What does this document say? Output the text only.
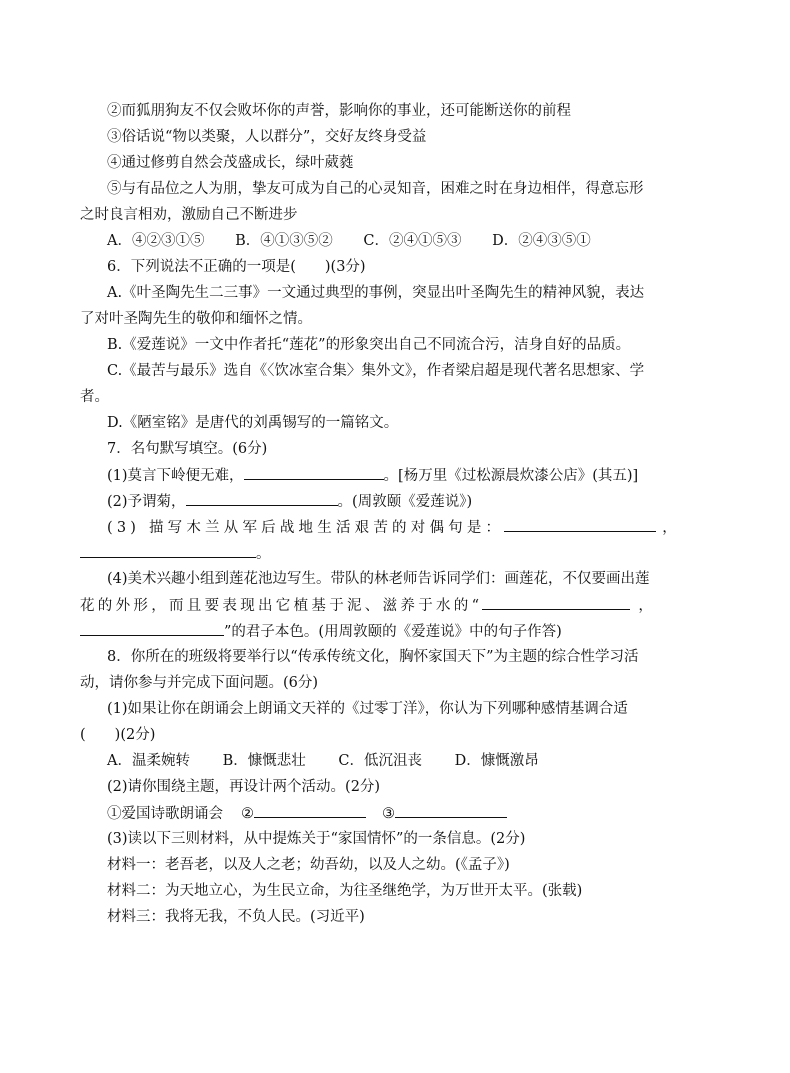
②而狐朋狗友不仅会败坏你的声誉，影响你的事业，还可能断送你的前程
③俗话说“物以类聚，人以群分”，交好友终身受益
④通过修剪自然会茂盛成长，绿叶葳蕤
⑤与有品位之人为朋，挚友可成为自己的心灵知音，困难之时在身边相伴，得意忘形
之时良言相劝，激励自己不断进步
A．④②③①⑤ B．④①③⑤② C．②④①⑤③ D．②④③⑤①
6．下列说法不正确的一项是(　　)(3分)
A.《叶圣陶先生二三事》一文通过典型的事例，突显出叶圣陶先生的精神风貌，表达
了对叶圣陶先生的敬仰和缅怀之情。
B.《爱莲说》一文中作者托“莲花”的形象突出自己不同流合污，洁身自好的品质。
C.《最苦与最乐》选自《〈饮冰室合集〉集外文》，作者梁启超是现代著名思想家、学
者。
D.《陋室铭》是唐代的刘禹锡写的一篇铭文。
7．名句默写填空。(6分)
(1)莫言下岭便无难，	。[杨万里《过松源晨炊漆公店》(其五)]
(2)予谓菊，	。(周敦颐《爱莲说》)
(3) 描写木兰从军后战地生活艰苦的对偶句是：	，
。
(4)美术兴趣小组到莲花池边写生。带队的林老师告诉同学们：画莲花，不仅要画出莲
花的外形，而且要表现出它植基于泥、滋养于水的“	，
”的君子本色。(用周敦颐的《爱莲说》中的句子作答)
8．你所在的班级将要举行以“传承传统文化，胸怀家国天下”为主题的综合性学习活
动，请你参与并完成下面问题。(6分)
(1)如果让你在朗诵会上朗诵文天祥的《过零丁洋》，你认为下列哪种感情基调合适
(　　)(2分)
A．温柔婉转 B．慷慨悲壮 C．低沉沮丧 D．慷慨激昂
(2)请你围绕主题，再设计两个活动。(2分)
①爱国诗歌朗诵会 ②	③
(3)读以下三则材料，从中提炼关于“家国情怀”的一条信息。(2分)
材料一：老吾老，以及人之老；幼吾幼，以及人之幼。(《孟子》)
材料二：为天地立心，为生民立命，为往圣继绝学，为万世开太平。(张载)
材料三：我将无我，不负人民。(习近平)
